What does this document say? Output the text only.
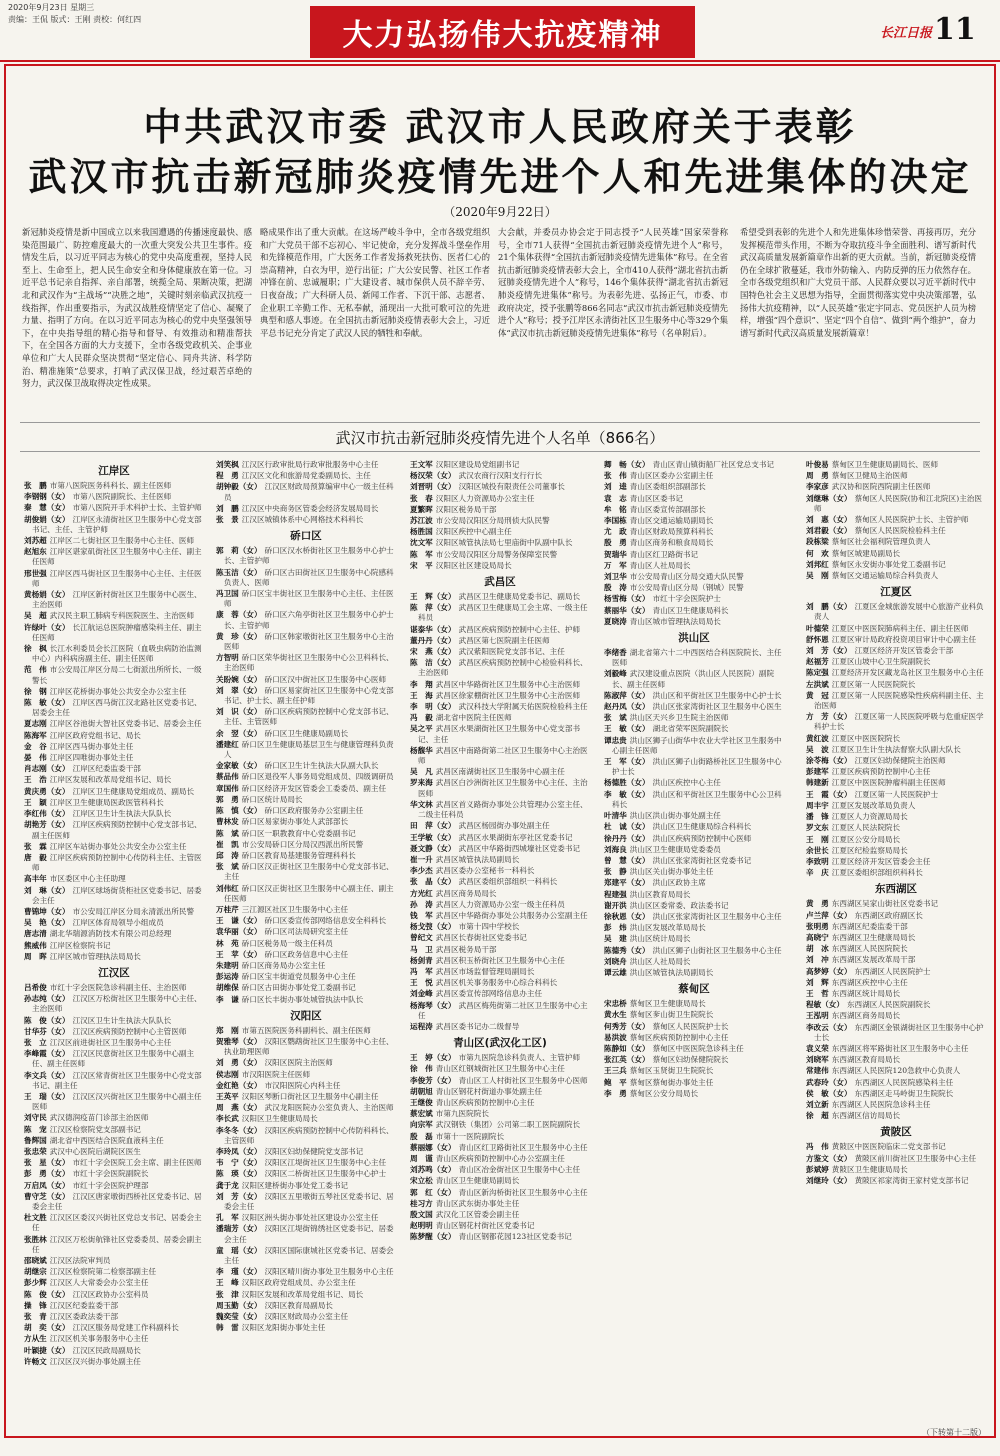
2020年9月23日 星期三
责编：王侃 版式：王刚 责校：何红四	大力弘扬伟大抗疫精神	长江日报 11
中共武汉市委 武汉市人民政府关于表彰
武汉市抗击新冠肺炎疫情先进个人和先进集体的决定
（2020年9月22日）
新冠肺炎疫情是新中国成立以来我国遭遇的传播速度最快、感染范围最广、防控难度最大的一次重大突发公共卫生事件。疫情发生后，以习近平同志为核心的党中央高度重视，坚持人民至上、生命至上，把人民生命安全和身体健康放在第一位。习近平总书记亲自指挥、亲自部署，统揽全局、果断决策，把湖北和武汉作为“主战场”“决胜之地”，关键时刻亲临武汉抗疫一线指挥，作出重要指示，为武汉战胜疫情坚定了信心、凝聚了力量、指明了方向。在以习近平同志为核心的党中央坚强领导下，在中央指导组的精心指导和督导、有效推动和精准帮扶下，在全国各方面的大力支援下，全市各级党政机关、企事业单位和广大人民群众坚决贯彻“坚定信心、同舟共济、科学防治、精准施策”总要求，打响了武汉保卫战，经过艰苦卓绝的努力，武汉保卫战取得决定性成果。
略成果作出了重大贡献。在这场严峻斗争中，全市各级党组织和广大党员干部不忘初心、牢记使命，充分发挥战斗堡垒作用和先锋模范作用，广大医务工作者发扬救死扶伤、医者仁心的崇高精神，白衣为甲，逆行出征；广大公安民警、社区工作者冲锋在前、忠诚履职；广大建设者、城市保供人员不辞辛劳、日夜奋战；广大科研人员、新闻工作者、下沉干部、志愿者、企业职工辛勤工作、无私奉献，涌现出一大批可歌可泣的先进典型和感人事迹。在全国抗击新冠肺炎疫情表彰大会上，习近平总书记充分肯定了武汉人民的牺牲和奉献。
大会献，并委员办协会定于同志授予“人民英雄”国家荣誉称号，全市71人获得“全国抗击新冠肺炎疫情先进个人”称号，21个集体获得“全国抗击新冠肺炎疫情先进集体”称号。在全省抗击新冠肺炎疫情表彰大会上，全市410人获得“湖北省抗击新冠肺炎疫情先进个人”称号，146个集体获得“湖北省抗击新冠肺炎疫情先进集体”称号。为表彰先进、弘扬正气，市委、市政府决定，授予张鹏等866名同志“武汉市抗击新冠肺炎疫情先进个人”称号；授予江岸区永清街社区卫生服务中心等329个集体“武汉市抗击新冠肺炎疫情先进集体”称号（名单附后）。
希望受到表彰的先进个人和先进集体珍惜荣誉、再接再厉，充分发挥模范带头作用，不断为夺取抗疫斗争全面胜利、谱写新时代武汉高质量发展新篇章作出新的更大贡献。当前，新冠肺炎疫情仍在全球扩散蔓延，我市外防输入、内防反弹的压力依然存在。全市各级党组织和广大党员干部、人民群众要以习近平新时代中国特色社会主义思想为指导，全面贯彻落实党中央决策部署，弘扬伟大抗疫精神，以“人民英雄”张定宇同志、党员医护人员为榜样，增强“四个意识”、坚定“四个自信”、做到“两个维护”，奋力谱写新时代武汉高质量发展新篇章！
武汉市抗击新冠肺炎疫情先进个人名单（866名）
江岸区
张　鹏 市第八医院医务科科长、副主任医师
李钢钢（女） 市第八医院副院长、主任医师
秦　慧（女） 市第八医院开手术科护士长、主管护师
胡俊娟（女） 江岸区永清街社区卫生服务中心党支部书记、主任、主管护师
刘苏超 江岸区二七街社区卫生服务中心主任、医师
赵旭东 江岸区谌家矶街社区卫生服务中心主任、副主任医师
邢世强 江岸区西马街社区卫生服务中心主任、主任医师
黄杨娟（女） 江岸区新村街社区卫生服务中心医生、主治医师
吴　超 武汉民主职工肺病专科医院医生、主治医师
许绿叶（女） 长江航运总医院肿瘤感染科主任、副主任医师
徐　枫 长江水利委员会长江医院（血吸虫病防治监测中心）内科病房副主任、副主任医师
范　伟 市公安局江岸区分局二七街派出所所长、一级警长
徐　钢 江岸区花桥街办事处公共安全办公室主任
陈　敏（女） 江岸区西马街江汉北路社区党委书记、居委会主任
夏志刚 江岸区谷池街大智社区党委书记、居委会主任
陈海军 江岸区政府党组书记、局长
金　谷 江岸区西马街办事处主任
晏　伟 江岸区四唯街办事处主任
肖志刚（女） 江岸区纪委监委干部
王　浩 江岸区发展和改革局党组书记、局长
黄庆勇（女） 江岸区卫生健康局党组成员、副局长
王　颖 江岸区卫生健康局医政医管科科长
李红伟（女） 江岸区卫生计生执法大队队长
胡艳芳（女） 江岸区疾病预防控制中心党支部书记、副主任医师
张　霖 江岸区车站街办事处公共安全办公室主任
唐　毅 江岸区疾病预防控制中心传防科主任、主管医师
高丰年 市区委区中心主任助理
刘　琳（女） 江岸区球场街货柜社区党委书记、居委会主任
曹锦坤（女） 市公安局江岸区分局永清派出所民警
吴　艳（女） 江岸区体育局领导小组成员
唐志清 湖北华瑞源消防技术有限公司总经理
熊威伟 江岸区检察院书记
周　晖 江岸区城市管理执法局局长
江汉区
吕希俊 市红十字会医院急诊科副主任、主治医师
孙志纯（女） 江汉区万松街社区卫生服务中心主任、主治医师
陈　俊（女） 江汉区卫生计生执法大队队长
甘华芬（女） 江汉区疾病预防控制中心主管医师
张　立 江汉区前进街社区卫生服务中心主任
李峰霞（女） 江汉区民意街社区卫生服务中心副主任、副主任医师
李文兵（女） 江汉区常青街社区卫生服务中心党支部书记、副主任
王　瑞（女） 江汉区汉兴街社区卫生服务中心副主任医师
刘守民 武汉德润疫苗门诊部主治医师
陈　宠 江汉区检察院党支部副书记
鲁辉国 湖北省中西医结合医院血液科主任
张忠荣 武汉中心医院后湖院区医生
张　星（女） 市红十字会医院工会主席、副主任医师
彭　勇（女） 市红十字会医院副院长
万启凤（女） 市红十字会医院护理部
曹守芝（女） 江汉区唐家墩街西桥社区党委书记、居委会主任
杜文胜 江汉区区委汉兴街社区党总支书记、居委会主任
张胜林 江汉区万松街航锋社区党委委员、居委会副主任
邵晓斌 江汉区法院审判员
胡继宗 江汉区检察院第二检察部副主任
彭少辉 江汉区人大常委会办公室主任
陈　俊（女） 江汉区政协办公室科员
操　锋 江汉区纪委监委干部
张　青 江汉区委政法委干部
胡　奕（女） 江汉区服务局党建工作科副科长
方从生 江汉区机关事务服务中心主任
叶颖捷（女） 江汉区民政局副局长
许畅文 江汉区汉兴街办事处副主任
刘笑枫 江汉区行政审批局行政审批服务中心主任
程　勇 江汉区文化和旅游局党委副局长、主任
胡钟毅（女） 江汉区财政局预算编审中心一级主任科员
刘　鹏 江汉区中央商务区管委会经济发展局局长
张　景 江汉区城镇体系中心网格技术科科长
硚口区
郭　莉（女） 硚口区汉水桥街社区卫生服务中心护士长、主管护师
陈玉洁（女） 硚口区古田街社区卫生服务中心院感科负责人、医师
冯卫国 硚口区宝丰街社区卫生服务中心主任、主任医师
康　蓉（女） 硚口区六角亭街社区卫生服务中心护士长、主管护师
黄　珍（女） 硚口区韩家墩街社区卫生服务中心主治医师
方智明 硚口区荣华街社区卫生服务中心公卫科科长、主治医师
关盼婉（女） 硚口区汉中街社区卫生服务中心医师
刘　翠（女） 硚口区易家街社区卫生服务中心党支部书记、护士长、副主任护师
刘　识（女） 硚口区疾病预防控制中心党支部书记、主任、主管医师
余　翌（女） 硚口区卫生健康局副局长
潘建红 硚口区卫生健康局基层卫生与健康管理科负责人
金家敏（女） 硚口区卫生计生执法大队副大队长
蔡品伟 硚口区退役军人事务局党组成员、四级调研员
章国伟 硚口区经济开发区管委会工委委员、副主任
郭　勇 硚口区统计局局长
陈　慎（女） 硚口区政府服务办公室副主任
曹林发 硚口区易家街办事处人武部部长
陈　斌 硚口区一职教教育中心党委副书记
崔　凯 市公安局硚口区分局汉西派出所民警
邱　涛 硚口区教育局基建服务管理科科长
张　斌 硚口区汉正街社区卫生服务中心党支部书记、主任
刘伟红 硚口区汉正街社区卫生服务中心副主任、副主任医师
万桂芹 三江源区社区卫生服务中心主任
王　谦（女） 硚口区委宣传部网络信息安全科科长
袁华丽（女） 硚口区司法局研究室主任
林　苑 硚口区税务局一级主任科员
王　苹（女） 硚口区政务信息中心主任
朱建明 硚口区商务局办公室主任
彭运涛 硚口区宝丰街道党员服务中心主任
胡维保 硚口区古田街办事处党工委副书记
李　谦 硚口区长丰街办事处城管执法中队长
汉阳区
郑　刚 市第五医院医务科副科长、副主任医师
贺雅琴（女） 汉阳区鹦鹉街社区卫生服务中心主任、执业助理医师
刘　勇（女） 汉阳区医院主治医师
侯志刚 市汉阳医院主任医师
金红艳（女） 市汉阳医院心内科主任
王英平 汉阳区琴断口街社区卫生服务中心副主任
周　燕（女） 武汉龙阳医院办公室负责人、主治医师
李长武 汉阳区卫生健康局局长
李冬冬（女） 汉阳区疾病预防控制中心传防科科长、主管医师
李玲凤（女） 汉阳区妇幼保健院党支部书记
韦　宁（女） 汉阳区江堤街社区卫生服务中心主任
陈　瑛（女） 汉阳区二桥街社区卫生服务中心护士
龚于龙 汉阳区建桥街办事处党工委书记
刘　芳（女） 汉阳区五里墩街五琴社区党委书记、居委会主任
孔　军 汉阳区洲头街办事处社区建设办公室主任
潘瑞芳（女） 汉阳区江堤街锦绣社区党委书记、居委会主任
童　瑶（女） 汉阳区国际康城社区党委书记、居委会主任
李　瑾（女） 汉阳区晴川街办事处卫生服务中心主任
王　峰 汉阳区政府党组成员、办公室主任
张　津 汉阳区发展和改革局党组书记、局长
周玉勤（女） 汉阳区教育局副局长
魏奕莹（女） 汉阳区财政局办公室主任
韩　雷 汉阳区龙阳街办事处主任
王文军 汉阳区建设局党组副书记
杨汉荣（女） 武汉农商行汉阳支行行长
刘晋明（女） 汉阳区城投有限责任公司董事长
张　春 汉阳区人力资源局办公室主任
夏繁晖 汉阳区税务局干部
苏江波 市公安局汉阳区分局刑侦大队民警
杨胜国 汉阳区疾控中心副主任
沈文军 汉阳区城管执法局七里庙街中队副中队长
陈　军 市公安局汉阳区分局警务保障室民警
宋　平 汉阳区社区建设局局长
武昌区
王　辉（女） 武昌区卫生健康局党委书记、副局长
陈　萍（女） 武昌区卫生健康局工会主席、一级主任科员
谌泰华（女） 武昌区疾病预防控制中心主任、护师
董丹丹（女） 武昌区第七医院副主任医师
宋　燕（女） 武汉紫阳医院党支部书记、主任
陈　洁（女） 武昌区疾病预防控制中心检验科科长、主治医师
李　翔 武昌区中华路街社区卫生服务中心主治医师
王　海 武昌区徐家棚街社区卫生服务中心主治医师
李　明（女） 武汉科技大学附属天佑医院检验科主任
冯　毅 湖北省中医院主任医师
吴之平 武昌区水果湖街社区卫生服务中心党支部书记、主任
杨馥华 武昌区中南路街第二社区卫生服务中心主治医师
吴　凡 武昌区南湖街社区卫生服务中心副主任
罗来海 武昌区白沙洲街社区卫生服务中心主任、主治医师
华文林 武昌区首义路街办事处公共管理办公室主任、二级主任科员
田　萍（女） 武昌区杨园街办事处副主任
王学敏（女） 武昌区水果湖街东亭社区党委书记
聂文静（女） 武昌区中华路街西城壕社区党委书记
崔一升 武昌区城管执法局副局长
李少杰 武昌区委办公室秘书一科科长
张　晶（女） 武昌区委组织部组织一科科长
方光红 武昌区商务局局长
孙　涛 武昌区人力资源局办公室一级主任科员
钱　军 武昌区中华路街办事处公共服务办公室副主任
杨戈弢（女） 市第十四中学校长
曾纪文 武昌区长春街社区党委书记
马　卫 武昌区税务局干部
杨剑青 武昌区积玉桥街社区卫生服务中心主任
冯　军 武昌区市场监督管理局副局长
王　悦 武昌区机关事务服务中心综合科科长
刘金峰 武昌区委宣传部网络信息办主任
杨海琴（女） 武昌区梅苑街第二社区卫生服务中心主任
运程涛 武昌区委书记办二级督导
青山区(武汉化工区)
王　婷（女） 市第九医院急诊科负责人、主管护师
徐　伟 青山区红钢城街社区卫生服务中心主任
李俊芳（女） 青山区工人村街社区卫生服务中心医师
胡朝旭 青山区钢花村街道办事处副主任
王继俊 青山区疾病预防控制中心主任
蔡宏斌 市第九医院院长
向宗军 武汉钢铁（集团）公司第二职工医院副院长
殷　磊 市第十一医院副院长
蔡丽娜（女） 青山区红卫路街社区卫生服务中心主任
周　谨 青山区疾病预防控制中心办公室副主任
刘苏鸣（女） 青山区冶金街社区卫生服务中心主任
宋立松 青山区卫生健康局副局长
郭　红（女） 青山区新沟桥街社区卫生服务中心主任
桂习方 青山区武东街办事处主任
殷文国 武汉化工区管委会副主任
赵明明 青山区钢花村街社区党委书记
陈梦醒（女） 青山区钢都花园123社区党委书记
卿　畅（女） 青山区青山镇街船厂社区党总支书记
张　伟 青山区区委办公室副主任
刘　逵 青山区委组织部副部长
袁　志 青山区区委书记
牟　铭 青山区委宣传部副部长
李国栋 青山区交通运输局副局长
尤　政 青山区财政局预算科科长
殷　勇 青山区商务和粮食局局长
贺瑞华 青山区红卫路街书记
万　军 青山区人社局局长
刘卫华 市公安局青山区分局交通大队民警
殷　涛 市公安局青山区分局（钢城）民警
杨雪梅（女） 市红十字会医院护士
蔡丽华（女） 青山区卫生健康局科长
夏晓涛 青山区城市管理执法局局长
洪山区
李绪香 湖北省第六十二中西医结合科医院院长、主任医师
刘毅峰 武汉建设重点医院（洪山区人民医院）副院长、副主任医师
陈淑萍（女） 洪山区和平街社区卫生服务中心护士长
赵丹凤（女） 洪山区张家湾街社区卫生服务中心医生
张　斌 洪山区天兴乡卫生院主治医师
王　敏（女） 湖北省荣军医院副院长
谭忠贵 洪山区狮子山街华中农业大学社区卫生服务中心副主任医师
王　军（女） 洪山区狮子山街路桥社区卫生服务中心护士长
杨德胜（女） 洪山区疾控中心主任
李　敏（女） 洪山区和平街社区卫生服务中心公卫科科长
叶清华 洪山区洪山街办事处副主任
杜　诚（女） 洪山区卫生健康局综合科科长
徐丹丹（女） 洪山区疾病预防控制中心医师
刘海良 洪山区卫生健康局党委委员
曾　慧（女） 洪山区张家湾街社区党委书记
张　静 洪山区关山街办事处主任
郑建平（女） 洪山区政协主席
程建强 洪山区教育局局长
谢开洪 洪山区区委常委、政法委书记
徐秋恩（女） 洪山区张家湾街社区卫生服务中心主任
彭　炜 洪山区发展改革局局长
吴　建 洪山区统计局局长
陈德秀（女） 洪山区狮子山街社区卫生服务中心主任
刘晓舟 洪山区人社局局长
谭云雄 洪山区城管执法局副局长
蔡甸区
宋忠桥 蔡甸区卫生健康局局长
黄水生 蔡甸区奓山街卫生院院长
何秀芳（女） 蔡甸区人民医院护士长
易洪波 蔡甸区疾病预防控制中心主任
陈静如（女） 蔡甸区中医医院急诊科主任
张江英（女） 蔡甸区妇幼保健院院长
王三兵 蔡甸区玉贤街卫生院院长
鲍　平 蔡甸区蔡甸街办事处主任
李　勇 蔡甸区公安分局局长
叶俊易 蔡甸区卫生健康局副局长、医师
周　勇 蔡甸区卫健局主治医师
李家彦 武汉协和医院西院副主任医师
刘继琳（女） 蔡甸区人民医院(协和江北院区)主治医师
刘　惠（女） 蔡甸区人民医院护士长、主管护师
刘君毅（女） 蔡甸区人民医院检验科主任
段栋梁 蔡甸区社会福利院管理负责人
何　欢 蔡甸区城建局副局长
刘邦红 蔡甸区永安街办事处党工委副书记
吴　刚 蔡甸区交通运输局综合科负责人
江夏区
刘　鹏（女） 江夏区金城旅游发展中心旅游产业科负责人
叶德荣 江夏区中医医院肺病科主任、副主任医师
舒怀恩 江夏区审计局政府投资项目审计中心副主任
刘　芳（女） 江夏区经济开发区管委会干部
赵福芳 江夏区山坡中心卫生院副院长
陈定强 江夏经济开发区藏龙岛社区卫生服务中心主任
左洪斌 江夏区第一人民医院院长
黄　冠 江夏区第一人民医院感染性疾病科副主任、主治医师
方　芳（女） 江夏区第一人民医院呼吸与危重症医学科护士长
黄红波 江夏区中医医院院长
吴　波 江夏区卫生计生执法督察大队副大队长
涂苓梅（女） 江夏区妇幼保健院主治医师
彭建军 江夏区疾病预防控制中心主任
韩建新 江夏区中医医院肿瘤科副主任医师
王　霞（女） 江夏区第一人民医院护士
周丰宇 江夏区发展改革局负责人
潘　锋 江夏区人力资源局局长
罗文东 江夏区人民法院院长
王　刚 江夏区公安分局局长
余世长 江夏区纪检监察局局长
李致明 江夏区经济开发区管委会主任
辛　庆 江夏区委组织部组织科科长
东西湖区
黄　勇 东西湖区吴家山街社区党委书记
卢兰萍（女） 东西湖区政府副区长
张明勇 东西湖区纪委监委干部
高晓宁 东西湖区卫生健康局局长
胡　冰 东西湖区人民医院院长
刘　冲 东西湖区发展改革局干部
高梦婷（女） 东西湖区人民医院护士
刘　辉 东西湖区疾控中心主任
王　哲 东西湖区统计局局长
程敏（女） 东西湖区人民医院副院长
王泓明 东西湖区商务局局长
李改云（女） 东西湖区金银湖街社区卫生服务中心护士长
袁义荣 东西湖区将军路街社区卫生服务中心主任
刘晓军 东西湖区教育局局长
常建伟 东西湖区人民医院120急救中心负责人
武春玲（女） 东西湖区人民医院感染科主任
侯　敏（女） 东西湖区走马岭街卫生院院长
刘立新 东西湖区人民医院急诊科主任
徐　超 东西湖区信访局局长
黄陂区
冯　伟 黄陂区中医医院临床二党支部书记
方鉴文（女） 黄陂区前川街社区卫生服务中心主任
彭斌婷 黄陂区卫生健康局局长
刘继玲（女） 黄陂区祁家湾街王家村党支部书记
（下转第十二版）
